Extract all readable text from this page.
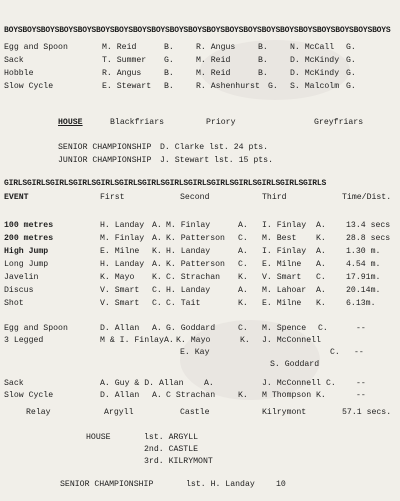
BOYSBOYSBOYSBOYSBOYSBOYSBOYSBOYSBOYSBOYSBOYSBOYSBOYSBOYSBOYSBOYSBOYSBOYSBOYSBOYSBOYS
Egg and Spoon	M. Reid	B.	R. Angus	B.	N. McCall G.
Sack	T. Summer G.	M. Reid	B.	D. McKindy G.
Hobble	R. Angus	B.	M. Reid	B.	D. McKindy G.
Slow Cycle	E. Stewart B.	R. Ashenhurst G. S. Malcolm G.
HOUSE	Blackfriars	Priory	Greyfriars
SENIOR CHAMPIONSHIP D. Clarke lst. 24 pts.
JUNIOR CHAMPIONSHIP J. Stewart lst. 15 pts.
GIRLSGIRLSGIRLSGIRLSGIRLSGIRLSGIRLSGIRLSGIRLSGIRLSGIRLSGIRLSGIRLSGIRLS
EVENT	First	Second	Third	Time/Dist.
100 metres	H. Landay A. M. Finlay	A. I. Finlay A. 13.4 secs
200 metres	M. Finlay A. K. Patterson C. M. Best K. 28.8 secs
High Jump	E. Milne K. H. Landay	A. I. Finlay A. 1.30 m.
Long Jump	H. Landay A. K. Patterson C. E. Milne A. 4.54 m.
Javelin	K. Mayo K. C. Strachan K. V. Smart C. 17.91m.
Discus	V. Smart C. H. Landay	A. M. Lahoar A. 20.14m.
Shot	V. Smart C. C. Tait	K. E. Milne K. 6.13m.
Egg and Spoon	D. Allan A. G. Goddard	C. M. Spence C.	--
3 Legged	M & I. Finlay A. K. Mayo	K. J. McConnell
E. Kay	C. --
S. Goddard
Sack	A. Guy & D. Allan A.	J. McConnell C. --
Slow Cycle	D. Allan A. C Strachan	K. M Thompson K.	--
Relay	Argyll	Castle	Kilrymont	57.1 secs.
HOUSE	lst. ARGYLL
2nd. CASTLE
3rd. KILRYMONT
SENIOR CHAMPIONSHIP	lst. H. Landay	10
